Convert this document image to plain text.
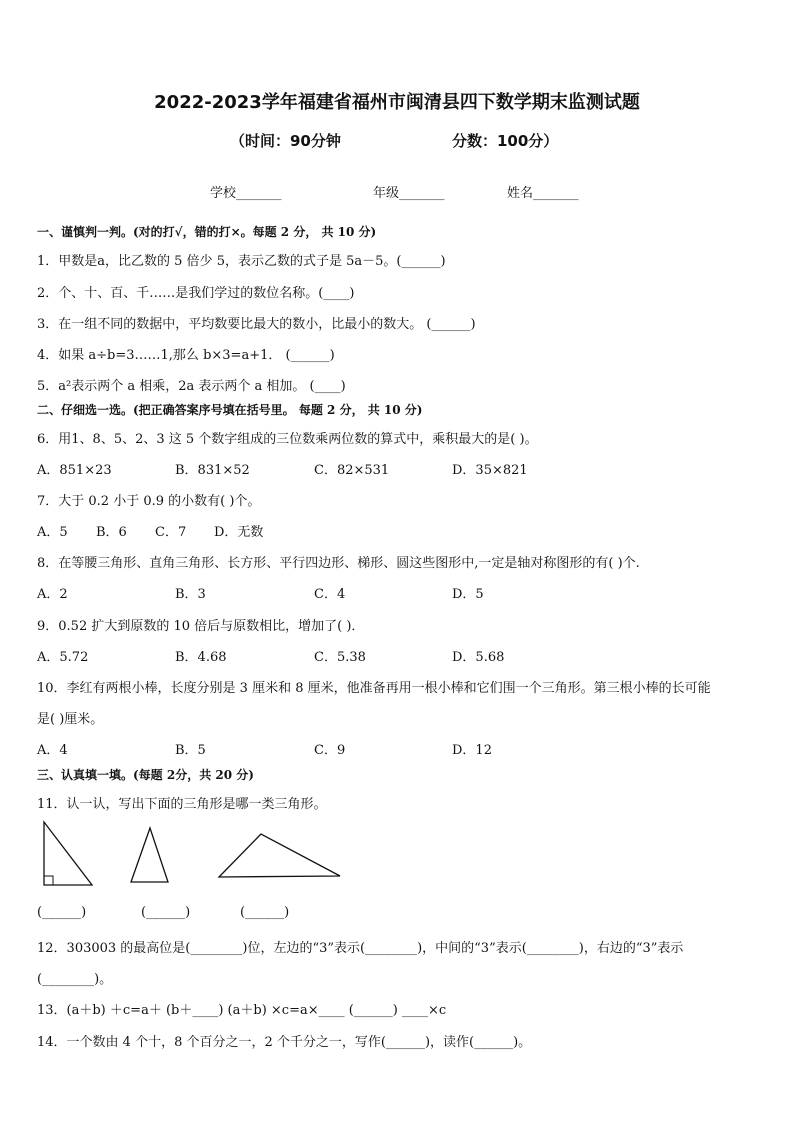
2022-2023学年福建省福州市闽清县四下数学期末监测试题
（时间：90分钟	分数：100分）
学校_______	年级_______	姓名_______
一、谨慎判一判。(对的打√，错的打×。每题 2 分， 共 10 分)
1．甲数是a，比乙数的 5 倍少 5，表示乙数的式子是 5a－5。(______)
2．个、十、百、千……是我们学过的数位名称。(____)
3．在一组不同的数据中，平均数要比最大的数小，比最小的数大。 (______)
4．如果 a÷b=3……1,那么 b×3=a+1． (______)
5．a²表示两个 a 相乘，2a 表示两个 a 相加。 (____)
二、仔细选一选。(把正确答案序号填在括号里。 每题 2 分， 共 10 分)
6．用1、8、5、2、3 这 5 个数字组成的三位数乘两位数的算式中，乘积最大的是( )。
A．851×23	B．831×52	C．82×531	D．35×821
7．大于 0.2 小于 0.9 的小数有( )个。
A．5 B．6 C．7 D．无数
8．在等腰三角形、直角三角形、长方形、平行四边形、梯形、圆这些图形中,一定是轴对称图形的有( )个.
A．2	B．3	C．4	D．5
9．0.52 扩大到原数的 10 倍后与原数相比，增加了( )．
A．5.72	B．4.68	C．5.38	D．5.68
10．李红有两根小棒，长度分别是 3 厘米和 8 厘米，他准备再用一根小棒和它们围一个三角形。第三根小棒的长可能
是( )厘米。
A．4	B．5	C．9	D．12
三、认真填一填。(每题 2分，共 20 分)
11．认一认，写出下面的三角形是哪一类三角形。
(______)	(______)	(______)
12．303003 的最高位是(________)位，左边的“3”表示(________)，中间的“3”表示(________)，右边的“3”表示
(________)。
13．(a＋b) ＋c=a＋ (b＋____) (a＋b) ×c=a×____ (______) ____×c
14．一个数由 4 个十，8 个百分之一，2 个千分之一，写作(______)，读作(______)。
